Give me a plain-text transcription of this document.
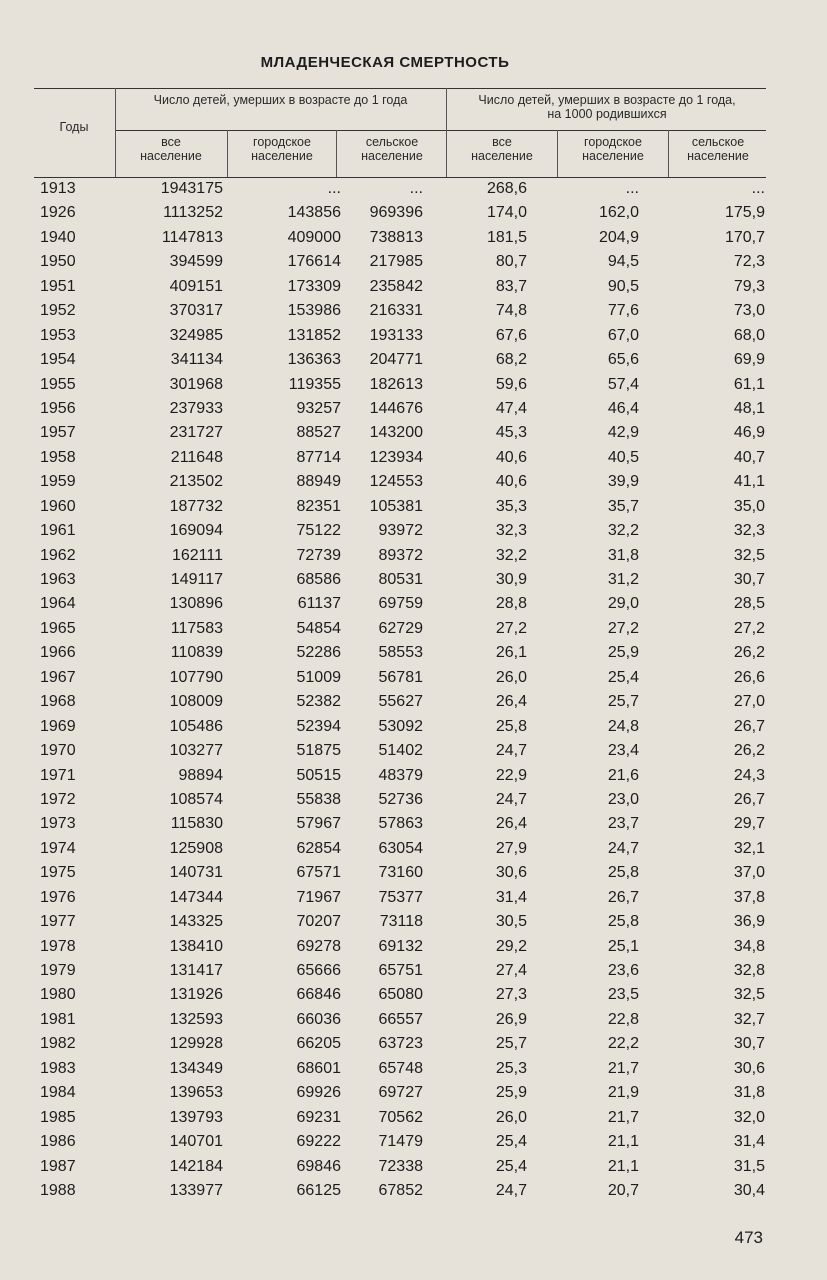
МЛАДЕНЧЕСКАЯ СМЕРТНОСТЬ
Годы
Число детей, умерших в возрасте до 1 года	Число детей, умерших в возрасте до 1 года, на 1000 родившихся
все население
городское население
сельское население
все население
городское население
сельское население
1913	1943175	...	...	268,6	...	...
1926	1113252	143856 969396	174,0	162,0	175,9
1940	1147813	409000 738813	181,5	204,9	170,7
1950	394599	176614 217985	80,7	94,5	72,3
1951	409151	173309 235842	83,7	90,5	79,3
1952	370317	153986 216331	74,8	77,6	73,0
1953	324985	131852 193133	67,6	67,0	68,0
1954	341134	136363 204771	68,2	65,6	69,9
1955	301968	119355 182613	59,6	57,4	61,1
1956	237933	93257 144676	47,4	46,4	48,1
1957	231727	88527 143200	45,3	42,9	46,9
1958	211648	87714 123934	40,6	40,5	40,7
1959	213502	88949 124553	40,6	39,9	41,1
1960	187732	82351 105381	35,3	35,7	35,0
1961	169094	75122 93972	32,3	32,2	32,3
1962	162111	72739 89372	32,2	31,8	32,5
1963	149117	68586 80531	30,9	31,2	30,7
1964	130896	61137 69759	28,8	29,0	28,5
1965	117583	54854 62729	27,2	27,2	27,2
1966	110839	52286 58553	26,1	25,9	26,2
1967	107790	51009 56781	26,0	25,4	26,6
1968	108009	52382 55627	26,4	25,7	27,0
1969	105486	52394 53092	25,8	24,8	26,7
1970	103277	51875 51402	24,7	23,4	26,2
1971	98894	50515 48379	22,9	21,6	24,3
1972	108574	55838 52736	24,7	23,0	26,7
1973	115830	57967 57863	26,4	23,7	29,7
1974	125908	62854 63054	27,9	24,7	32,1
1975	140731	67571 73160	30,6	25,8	37,0
1976	147344	71967 75377	31,4	26,7	37,8
1977	143325	70207 73118	30,5	25,8	36,9
1978	138410	69278 69132	29,2	25,1	34,8
1979	131417	65666 65751	27,4	23,6	32,8
1980	131926	66846 65080	27,3	23,5	32,5
1981	132593	66036 66557	26,9	22,8	32,7
1982	129928	66205 63723	25,7	22,2	30,7
1983	134349	68601 65748	25,3	21,7	30,6
1984	139653	69926 69727	25,9	21,9	31,8
1985	139793	69231 70562	26,0	21,7	32,0
1986	140701	69222 71479	25,4	21,1	31,4
1987	142184	69846 72338	25,4	21,1	31,5
1988	133977	66125 67852	24,7	20,7	30,4
473
